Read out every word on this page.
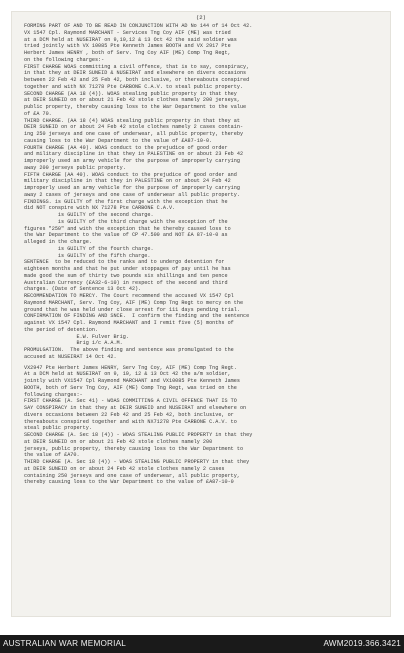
(2)
FORMING PART OF AND TO BE READ IN CONJUNCTION WITH AD No 144 of 14 Oct 42.
VX 1547 Cpl. Raymond MARCHANT - Services Tng Coy AIF (ME) was tried
at a DCM held at NUSEIRAT on 9,10,12 & 13 Oct 42 the said soldier was
tried jointly with VX 10085 Pte Kenneth James BOOTH and VX 2917 Pte
Herbert James HENRY , both of Serv. Tng Coy AIF (ME) Comp Tng Regt,
on the following charges:-
FIRST CHARGE WOAS committing a civil offence, that is to say, conspiracy,
in that they at DEIR SUNEID & NUSEIRAT and elsewhere on divers occasions
between 22 Feb 42 and 25 Feb 42, both inclusive, or thereabouts conspired
together and with NX 71278 Pte CARBONE C.A.V. to steal public property.
SECOND CHARGE (AA 18 (4)). WOAS stealing public property in that they
at DEIR SUNEID on or about 21 Feb 42 stole clothes namely 200 jerseys,
public property, thereby causing loss to the War Department to the value
of £A 70.
THIRD CHARGE. (AA 18 (4) WOAS stealing public property in that they at
DEIR SUNEID on or about 24 Feb 42 stole clothes namely 2 cases contain-
ing 250 jerseys and one case of underwear, all public property, thereby
causing loss to the War Department to the value of £A87-10-0.
FOURTH CHARGE (AA 40). WOAS conduct to the prejudice of good order
and military discipline in that they in PALESTINE on or about 23 Feb 42
improperly used an army vehicle for the purpose of improperly carrying
away 200 jerseys public property.
FIFTH CHARGE (AA 40). WOAS conduct to the prejudice of good order and
military discipline in that they in PALESTINE on or about 24 Feb 42
improperly used an army vehicle for the purpose of improperly carrying
away 2 cases of jerseys and one case of underwear all public property.
FINDINGS. is GUILTY of the first charge with the exception that he
did NOT conspire with NX 71278 Pte CARBONE C.A.V.
is GUILTY of the second charge.
is GUILTY of the third charge with the exception of the
figures "250" and with the exception that he thereby caused loss to
the War Department to the value of CP 47.500 and NOT £A 87-10-0 as
alleged in the charge.
is GUILTY of the fourth charge.
is GUILTY of the fifth charge.
SENTENCE  to be reduced to the ranks and to undergo detention for
eighteen months and that he put under stoppages of pay until he has
made good the sum of thirty two pounds six shillings and ten pence
Australian Currency (£A32-6-10) in respect of the second and third
charges. (Date of Sentence 13 Oct 42).
RECOMMENDATION TO MERCY. The Court recommend the accused VX 1547 Cpl
Raymond MARCHANT, Serv. Tng Coy, AIF (ME) Comp Tng Regt to mercy on the
ground that he was held under close arrest for 111 days pending trial.
CONFIRMATION OF FINDING AND SNCE.  I confirm the finding and the sentence
against VX 1547 Cpl. Raymond MARCHANT and I remit five (5) months of
the period of detention.
E.W. Fulver Brig.
Brig i/c A.A.M.
PROMULGATION.  The above finding and sentence was promulgated to the
accused at NUSEIRAT 14 Oct 42.
VX2947 Pte Herbert James HENRY, Serv Tng Coy, AIF (ME) Comp Tng Regt.
At a DCM held at NUSEIRAT on 9, 10, 12 & 13 Oct 42 the a/m soldier,
jointly with VX1547 Cpl Raymond MARCHANT and VX10085 Pte Kenneth James
BOOTH, both of Serv Tng Coy, AIF (ME) Comp Tng Regt, was tried on the
following charges:-
FIRST CHARGE (A. Sec 41) - WOAS COMMITTING A CIVIL OFFENCE THAT IS TO
SAY CONSPIRACY in that they at DEIR SUNEID and NUSEIRAT and elsewhere on
divers occasions between 22 Feb 42 and 25 Feb 42, both inclusive, or
thereabouts conspired together and with NX71278 Pte CARBONE C.A.V. to
steal public property.
SECOND CHARGE (A. Sec 18 (4)) - WOAS STEALING PUBLIC PROPERTY in that they
at DEIR SUNEID on or about 21 Feb 42 stole clothes namely 200
jerseys, public property, thereby causing loss to the War Department to
the value of £A70.
THIRD CHARGE (A. Sec 18 (4)) - WOAS STEALING PUBLIC PROPERTY in that they
at DEIR SUNEID on or about 24 Feb 42 stole clothes namely 2 cases
containing 250 jerseys and one case of underwear, all public property,
thereby causing loss to the War Department to the value of £A87-10-0
AUSTRALIAN WAR MEMORIAL	AWM2019.366.3421
